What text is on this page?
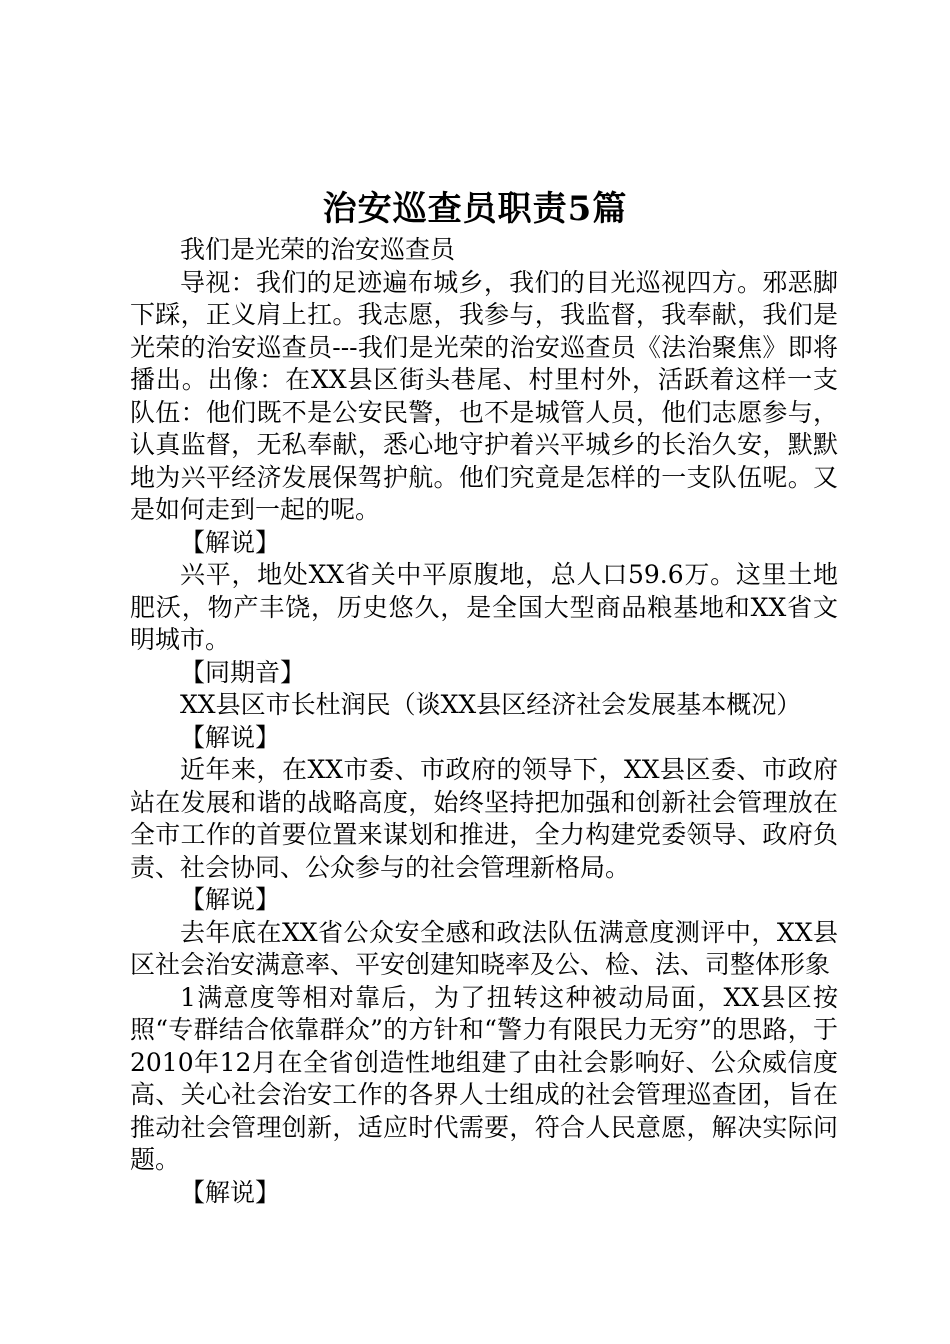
治安巡查员职责5篇

我们是光荣的治安巡查员

导视：我们的足迹遍布城乡，我们的目光巡视四方。邪恶脚下踩，正义肩上扛。我志愿，我参与，我监督，我奉献，我们是光荣的治安巡查员---我们是光荣的治安巡查员《法治聚焦》即将播出。出像：在XX县区街头巷尾、村里村外，活跃着这样一支队伍：他们既不是公安民警，也不是城管人员，他们志愿参与，认真监督，无私奉献，悉心地守护着兴平城乡的长治久安，默默地为兴平经济发展保驾护航。他们究竟是怎样的一支队伍呢。又是如何走到一起的呢。

【解说】

兴平，地处XX省关中平原腹地，总人口59.6万。这里土地肥沃，物产丰饶，历史悠久，是全国大型商品粮基地和XX省文明城市。

【同期音】

XX县区市长杜润民（谈XX县区经济社会发展基本概况）

【解说】

近年来，在XX市委、市政府的领导下，XX县区委、市政府站在发展和谐的战略高度，始终坚持把加强和创新社会管理放在全市工作的首要位置来谋划和推进，全力构建党委领导、政府负责、社会协同、公众参与的社会管理新格局。

【解说】

去年底在XX省公众安全感和政法队伍满意度测评中，XX县区社会治安满意率、平安创建知晓率及公、检、法、司整体形象

1满意度等相对靠后，为了扭转这种被动局面，XX县区按照“专群结合依靠群众”的方针和“警力有限民力无穷”的思路，于2010年12月在全省创造性地组建了由社会影响好、公众威信度高、关心社会治安工作的各界人士组成的社会管理巡查团，旨在推动社会管理创新，适应时代需要，符合人民意愿，解决实际问题。

【解说】
